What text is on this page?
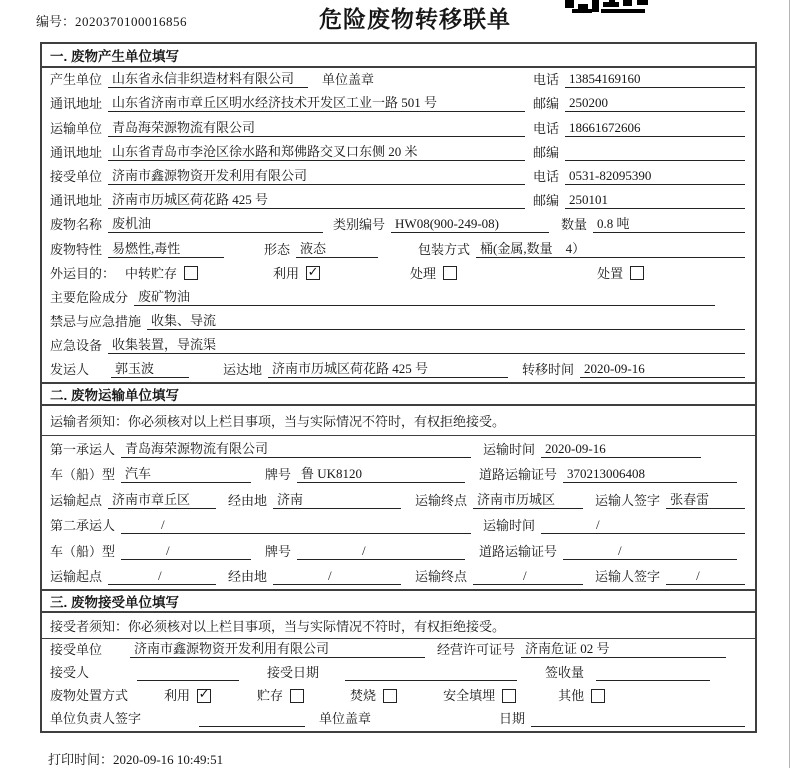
编号：2020370100016856	危险废物转移联单
一. 废物产生单位填写
产生单位 山东省永信非织造材料有限公司	单位盖章	电话 13854169160
通讯地址 山东省济南市章丘区明水经济技术开发区工业一路 501 号	邮编 250200
运输单位 青岛海荣源物流有限公司	电话 18661672606
通讯地址 山东省青岛市李沧区徐水路和郑佛路交叉口东侧 20 米	邮编
接受单位 济南市鑫源物资开发利用有限公司	电话 0531-82095390
通讯地址 济南市历城区荷花路 425 号	邮编 250101
废物名称 废机油	类别编号 HW08(900-249-08)	数量 0.8 吨
废物特性 易燃性,毒性	形态 液态	包装方式 桶(金属,数量　4）
外运目的： 中转贮存	利用 ✓	处理	处置
主要危险成分 废矿物油
禁忌与应急措施 收集、导流
应急设备 收集装置，导流渠
发运人	郭玉波	运达地 济南市历城区荷花路 425 号	转移时间 2020-09-16
二. 废物运输单位填写
运输者须知：你必须核对以上栏目事项，当与实际情况不符时，有权拒绝接受。
第一承运人 青岛海荣源物流有限公司	运输时间 2020-09-16
车（船）型 汽车	牌号 鲁 UK8120	道路运输证号 370213006408
运输起点 济南市章丘区	经由地 济南	运输终点 济南市历城区	运输人签字 张春雷
第二承运人	/	运输时间	/
车（船）型	/	牌号	/	道路运输证号	/
运输起点	/	经由地	/	运输终点	/	运输人签字	/
三. 废物接受单位填写
接受者须知：你必须核对以上栏目事项，当与实际情况不符时，有权拒绝接受。
接受单位	济南市鑫源物资开发利用有限公司	经营许可证号 济南危证 02 号
接受人	接受日期	签收量
废物处置方式	利用 ✓	贮存	焚烧	安全填埋	其他
单位负责人签字	单位盖章	日期
打印时间：2020-09-16 10:49:51
